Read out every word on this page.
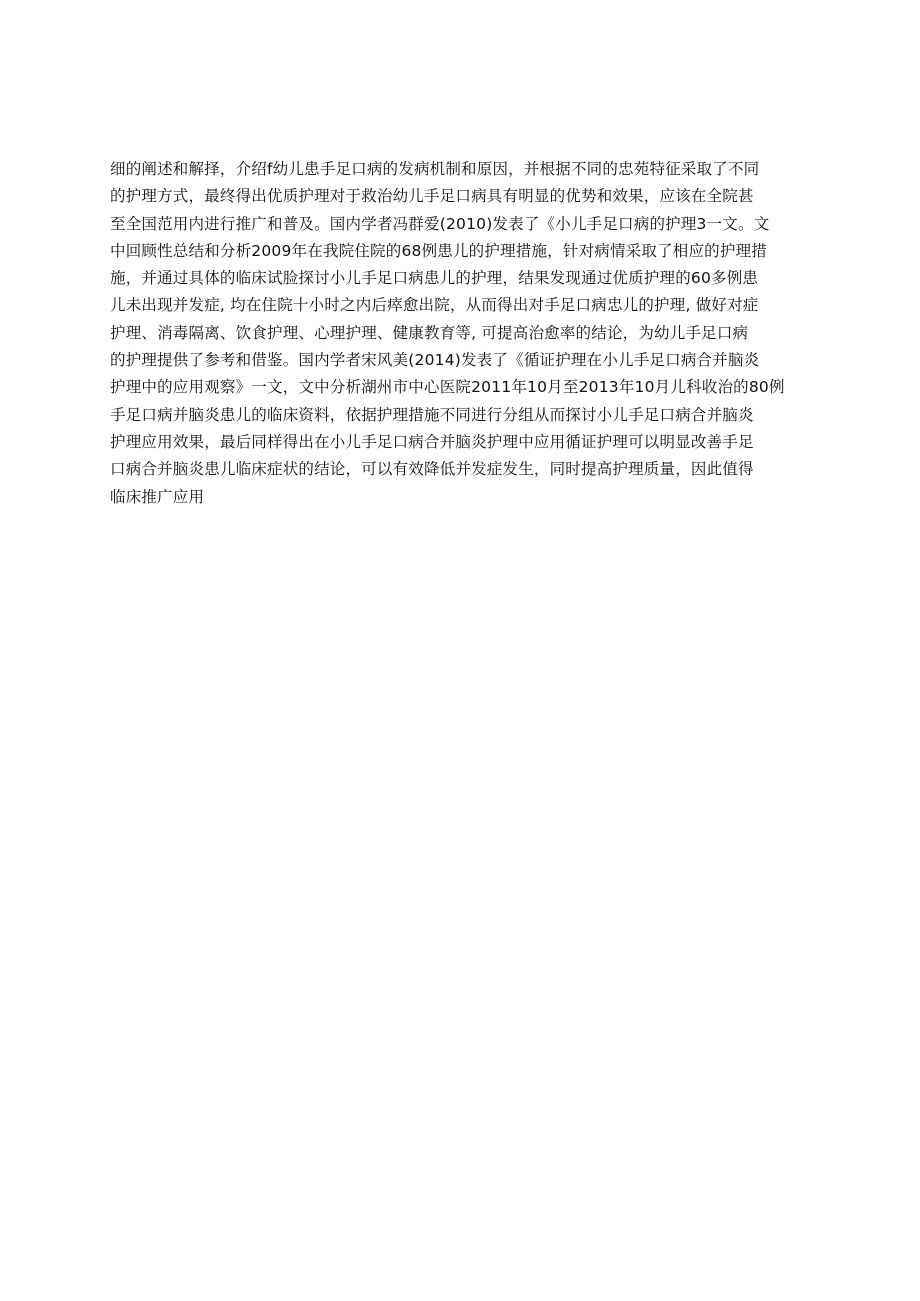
细的阐述和解择，介绍f幼儿患手足口病的发病机制和原因，并根据不同的忠苑特征采取了不同
的护理方式，最终得出优质护理对于救治幼儿手足口病具有明显的优势和效果，应该在全院甚
至全国范用内进行推广和普及。国内学者冯群爱(2010)发表了《小儿手足口病的护理3一文。文
中回顾性总结和分析2009年在我院住院的68例患儿的护理措施，针对病情采取了相应的护理措
施，并通过具体的临床试脸探讨小儿手足口病患儿的护理，结果发现通过优质护理的60多例患
儿未出现并发症, 均在住院十小时之内后瘁愈出院，从而得出对手足口病忠儿的护理, 做好对症
护理、消毒隔离、饮食护理、心理护理、健康教育等, 可提高治愈率的结论，为幼儿手足口病
的护理提供了参考和借鉴。国内学者宋风美(2014)发表了《循证护理在小儿手足口病合并脑炎
护理中的应用观察》一文，文中分析湖州市中心医院2011年10月至2013年10月儿科收治的80例
手足口病并脑炎患儿的临床资料，依据护理措施不同进行分组从而探讨小儿手足口病合并脑炎
护理应用效果，最后同样得出在小儿手足口病合并脑炎护理中应用循证护理可以明显改善手足
口病合并脑炎患儿临床症状的结论，可以有效降低并发症发生，同时提高护理质量，因此值得
临床推广应用
